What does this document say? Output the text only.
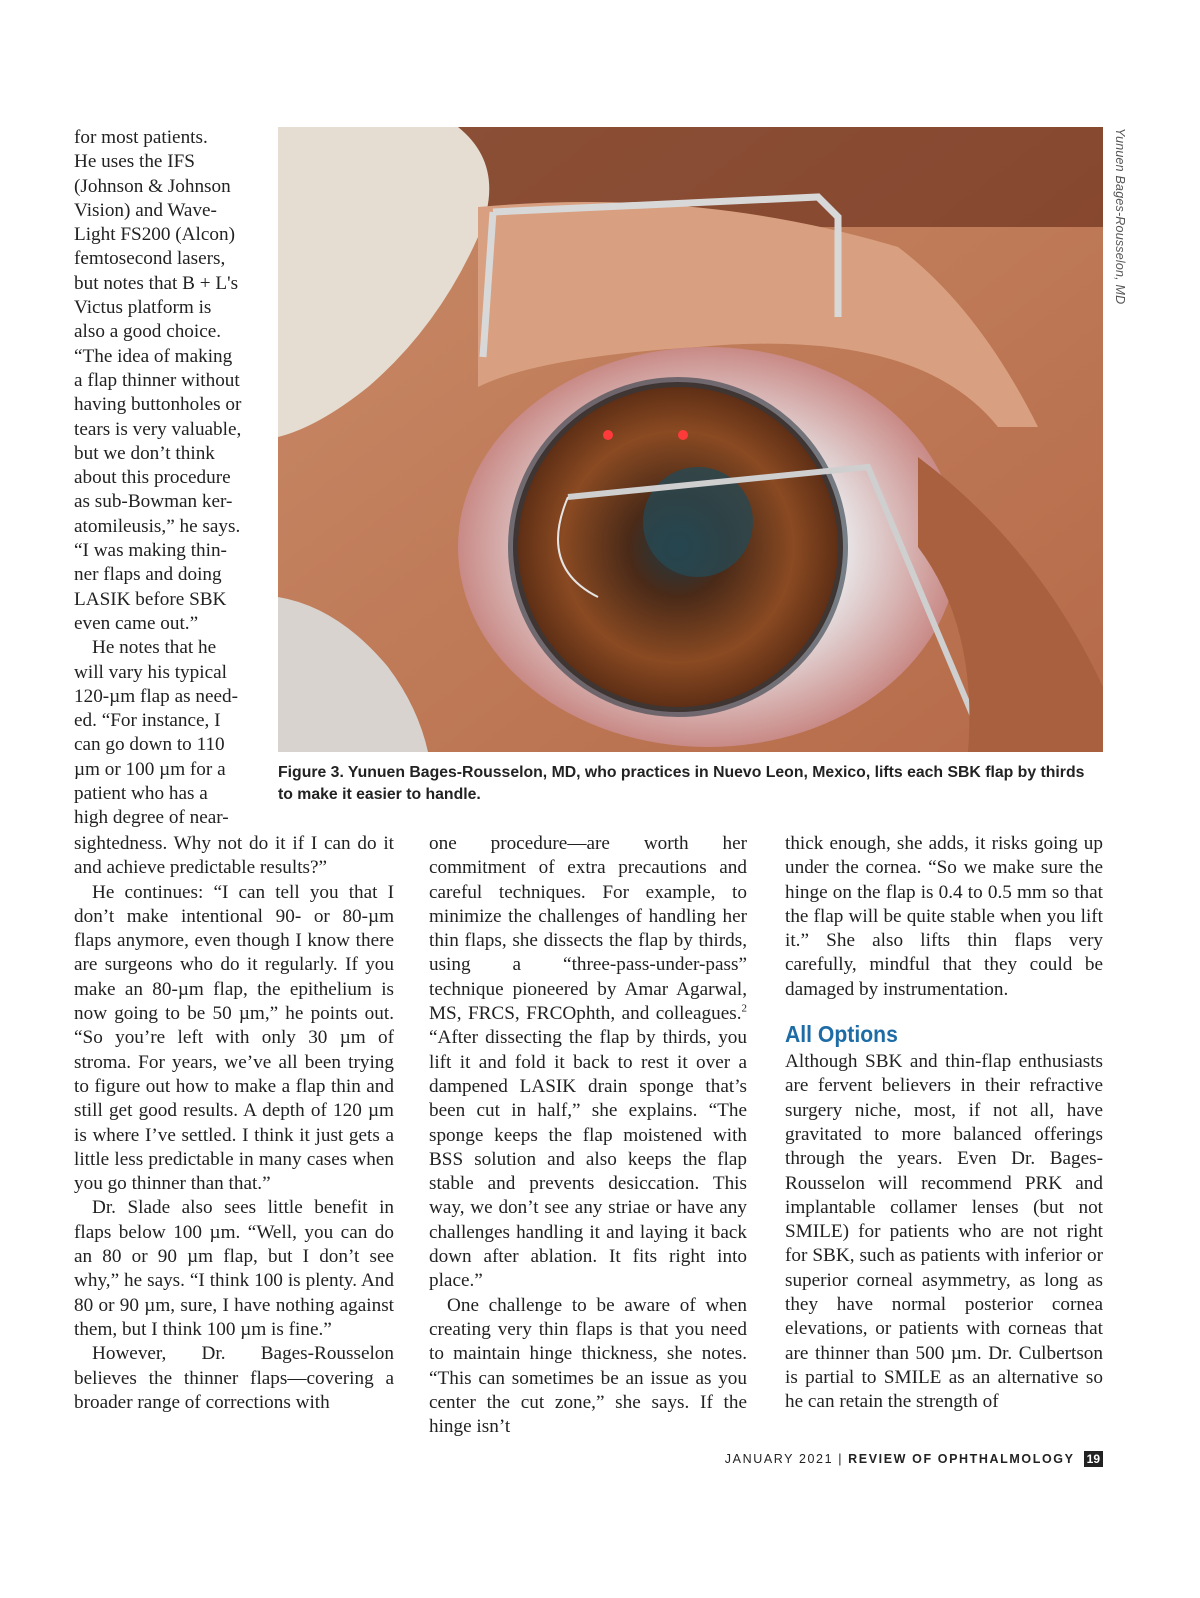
for most patients.
He uses the IFS
(Johnson & Johnson
Vision) and Wave-
Light FS200 (Alcon)
femtosecond lasers,
but notes that B + L's
Victus platform is
also a good choice.
“The idea of making
a flap thinner without
having buttonholes or
tears is very valuable,
but we don’t think
about this procedure
as sub-Bowman ker-
atomileusis,” he says.
“I was making thin-
ner flaps and doing
LASIK before SBK
even came out.”
He notes that he
will vary his typical
120-µm flap as need-
ed. “For instance, I
can go down to 110
µm or 100 µm for a
patient who has a
high degree of near-
Yunuen Bages-Rousselon, MD
Figure 3. Yunuen Bages-Rousselon, MD, who practices in Nuevo Leon, Mexico, lifts each SBK flap by thirds to make it easier to handle.

sightedness. Why not do it if I can do it and achieve predictable results?”

He continues: “I can tell you that I don’t make intentional 90- or 80-µm flaps anymore, even though I know there are surgeons who do it regularly. If you make an 80-µm flap, the epithelium is now going to be 50 µm,” he points out. “So you’re left with only 30 µm of stroma. For years, we’ve all been trying to figure out how to make a flap thin and still get good results. A depth of 120 µm is where I’ve settled. I think it just gets a little less predictable in many cases when you go thinner than that.”

Dr. Slade also sees little benefit in flaps below 100 µm. “Well, you can do an 80 or 90 µm flap, but I don’t see why,” he says. “I think 100 is plenty. And 80 or 90 µm, sure, I have nothing against them, but I think 100 µm is fine.”

However, Dr. Bages-Rousselon believes the thinner flaps—covering a broader range of corrections with

one procedure—are worth her commitment of extra precautions and careful techniques. For example, to minimize the challenges of handling her thin flaps, she dissects the flap by thirds, using a “three-pass-under-pass” technique pioneered by Amar Agarwal, MS, FRCS, FRCOphth, and colleagues.$^2$ “After dissecting the flap by thirds, you lift it and fold it back to rest it over a dampened LASIK drain sponge that’s been cut in half,” she explains. “The sponge keeps the flap moistened with BSS solution and also keeps the flap stable and prevents desiccation. This way, we don’t see any striae or have any challenges handling it and laying it back down after ablation. It fits right into place.”

One challenge to be aware of when creating very thin flaps is that you need to maintain hinge thickness, she notes. “This can sometimes be an issue as you center the cut zone,” she says. If the hinge isn’t

thick enough, she adds, it risks going up under the cornea. “So we make sure the hinge on the flap is 0.4 to 0.5 mm so that the flap will be quite stable when you lift it.” She also lifts thin flaps very carefully, mindful that they could be damaged by instrumentation.

All Options

Although SBK and thin-flap enthusiasts are fervent believers in their refractive surgery niche, most, if not all, have gravitated to more balanced offerings through the years. Even Dr. Bages-Rousselon will recommend PRK and implantable collamer lenses (but not SMILE) for patients who are not right for SBK, such as patients with inferior or superior corneal asymmetry, as long as they have normal posterior cornea elevations, or patients with corneas that are thinner than 500 µm. Dr. Culbertson is partial to SMILE as an alternative so he can retain the strength of

JANUARY 2021 | REVIEW OF OPHTHALMOLOGY 19
